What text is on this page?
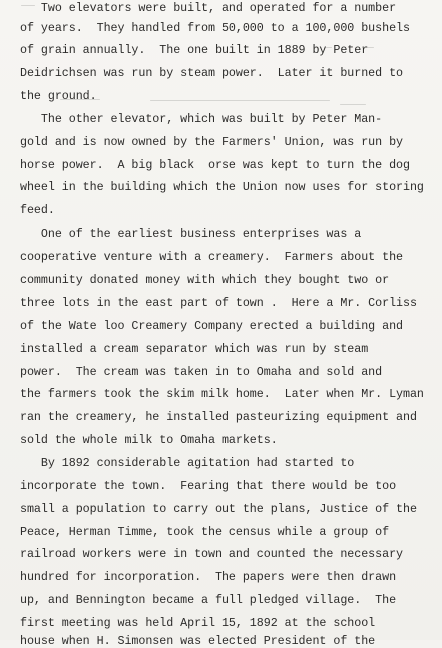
Two elevators were built, and operated for a number
of years.  They handled from 50,000 to a 100,000 bushels
of grain annually.  The one built in 1889 by Peter
Deidrichsen was run by steam power.  Later it burned to
the ground.
The other elevator, which was built by Peter Man-
gold and is now owned by the Farmers' Union, was run by
horse power.  A big black  orse was kept to turn the dog
wheel in the building which the Union now uses for storing
feed.
One of the earliest business enterprises was a
cooperative venture with a creamery.  Farmers about the
community donated money with which they bought two or
three lots in the east part of town .  Here a Mr. Corliss
of the Wate loo Creamery Company erected a building and
installed a cream separator which was run by steam
power.  The cream was taken in to Omaha and sold and
the farmers took the skim milk home.  Later when Mr. Lyman
ran the creamery, he installed pasteurizing equipment and
sold the whole milk to Omaha markets.
By 1892 considerable agitation had started to
incorporate the town.  Fearing that there would be too
small a population to carry out the plans, Justice of the
Peace, Herman Timme, took the census while a group of
railroad workers were in town and counted the necessary
hundred for incorporation.  The papers were then drawn
up, and Bennington became a full pledged village.  The
first meeting was held April 15, 1892 at the school
house when H. Simonsen was elected President of the
